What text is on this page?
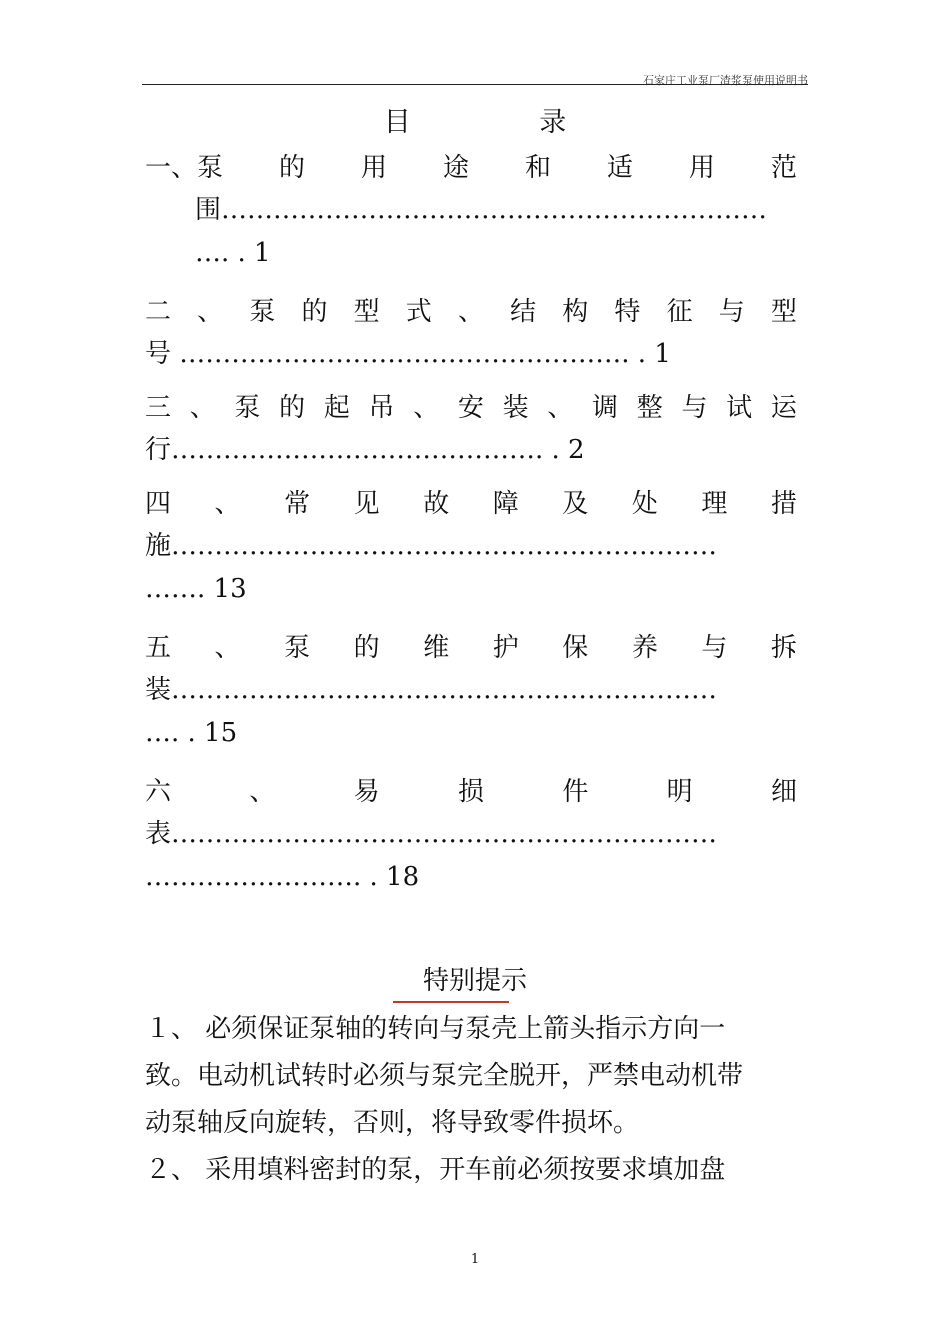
石家庄工业泵厂渣浆泵使用说明书
目 录
一、泵 的 用 途 和 适 用 范
围………………………………………………………
…. . 1
二 、 泵 的 型 式 、 结 构 特 征 与 型
号 ……………………………………………. . 1
三 、 泵 的 起 吊 、 安 装 、 调 整 与 试 运
行……………………………………. . 2
四 、 常 见 故 障 及 处 理 措
施………………………………………………………
……. 13
五 、 泵 的 维 护 保 养 与 拆
装………………………………………………………
…. . 15
六	、	易	损	件	明	细
表………………………………………………………
……………………. . 18
特别提示
１、 必须保证泵轴的转向与泵壳上箭头指示方向一
致。电动机试转时必须与泵完全脱开，严禁电动机带
动泵轴反向旋转，否则，将导致零件损坏。
２、 采用填料密封的泵，开车前必须按要求填加盘
1
